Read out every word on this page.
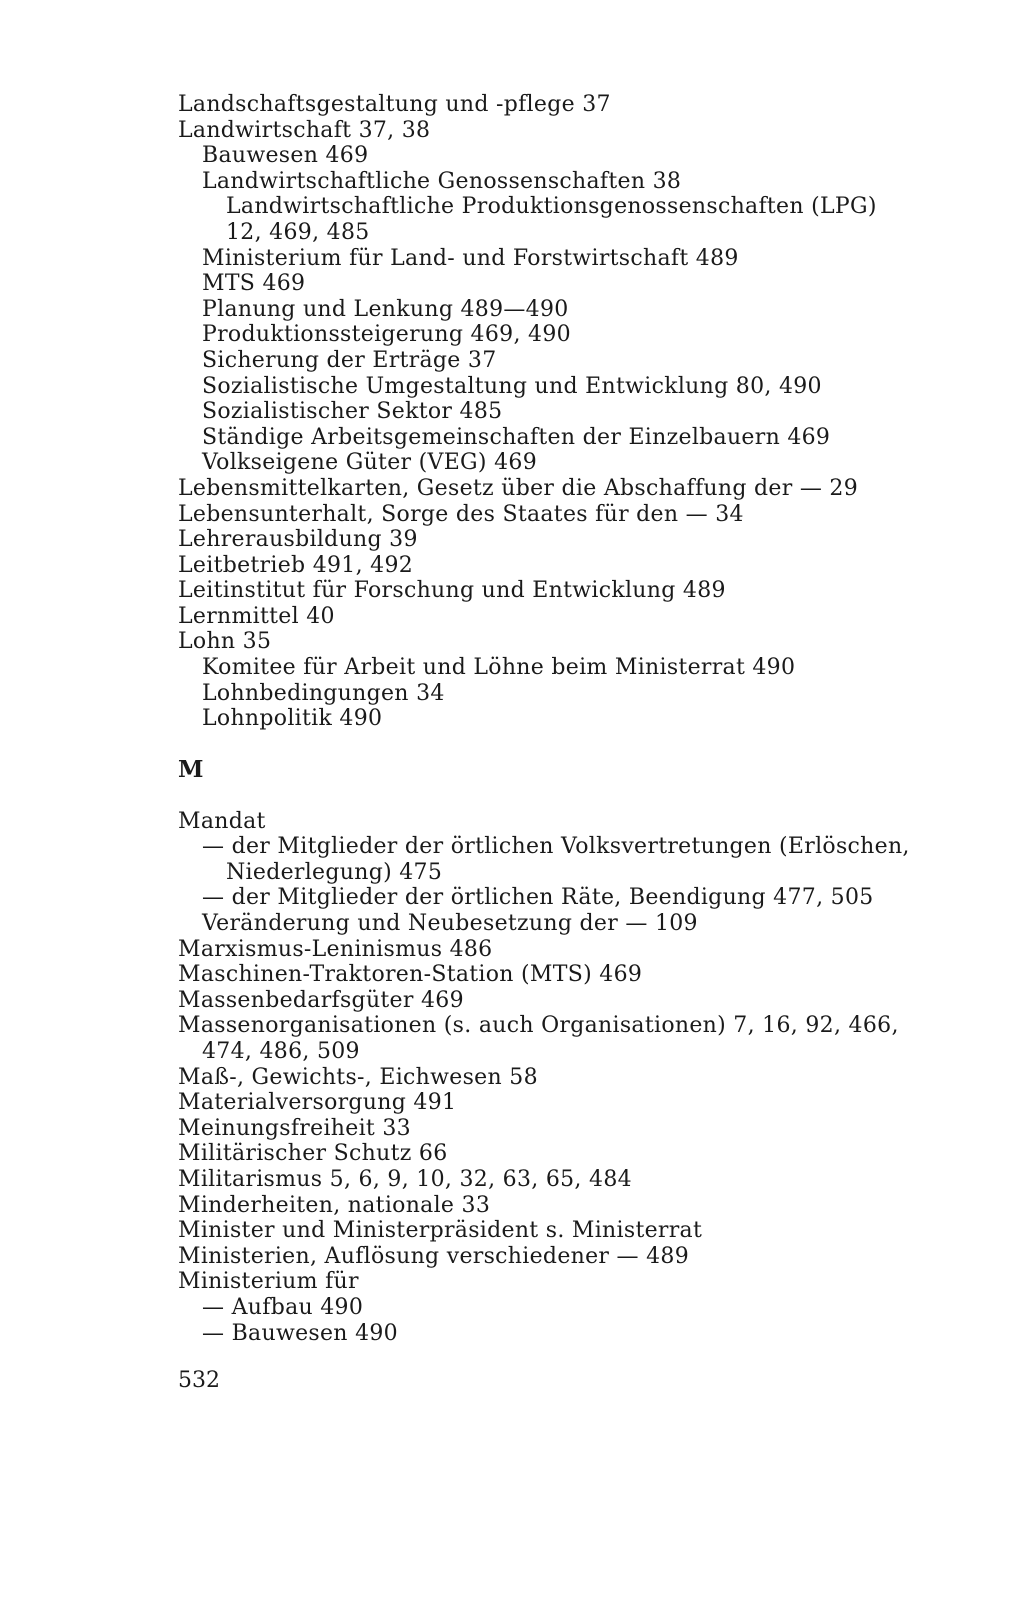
Landschaftsgestaltung und -pflege 37
Landwirtschaft 37, 38
Bauwesen 469
Landwirtschaftliche Genossenschaften 38
Landwirtschaftliche Produktionsgenossenschaften (LPG)
12, 469, 485
Ministerium für Land- und Forstwirtschaft 489
MTS 469
Planung und Lenkung 489—490
Produktionssteigerung 469, 490
Sicherung der Erträge 37
Sozialistische Umgestaltung und Entwicklung 80, 490
Sozialistischer Sektor 485
Ständige Arbeitsgemeinschaften der Einzelbauern 469
Volkseigene Güter (VEG) 469
Lebensmittelkarten, Gesetz über die Abschaffung der — 29
Lebensunterhalt, Sorge des Staates für den — 34
Lehrerausbildung 39
Leitbetrieb 491, 492
Leitinstitut für Forschung und Entwicklung 489
Lernmittel 40
Lohn 35
Komitee für Arbeit und Löhne beim Ministerrat 490
Lohnbedingungen 34
Lohnpolitik 490
M
Mandat
— der Mitglieder der örtlichen Volksvertretungen (Erlöschen,
Niederlegung) 475
— der Mitglieder der örtlichen Räte, Beendigung 477, 505
Veränderung und Neubesetzung der — 109
Marxismus-Leninismus 486
Maschinen-Traktoren-Station (MTS) 469
Massenbedarfsgüter 469
Massenorganisationen (s. auch Organisationen) 7, 16, 92, 466,
474, 486, 509
Maß-, Gewichts-, Eichwesen 58
Materialversorgung 491
Meinungsfreiheit 33
Militärischer Schutz 66
Militarismus 5, 6, 9, 10, 32, 63, 65, 484
Minderheiten, nationale 33
Minister und Ministerpräsident s. Ministerrat
Ministerien, Auflösung verschiedener — 489
Ministerium für
— Aufbau 490
— Bauwesen 490
532
